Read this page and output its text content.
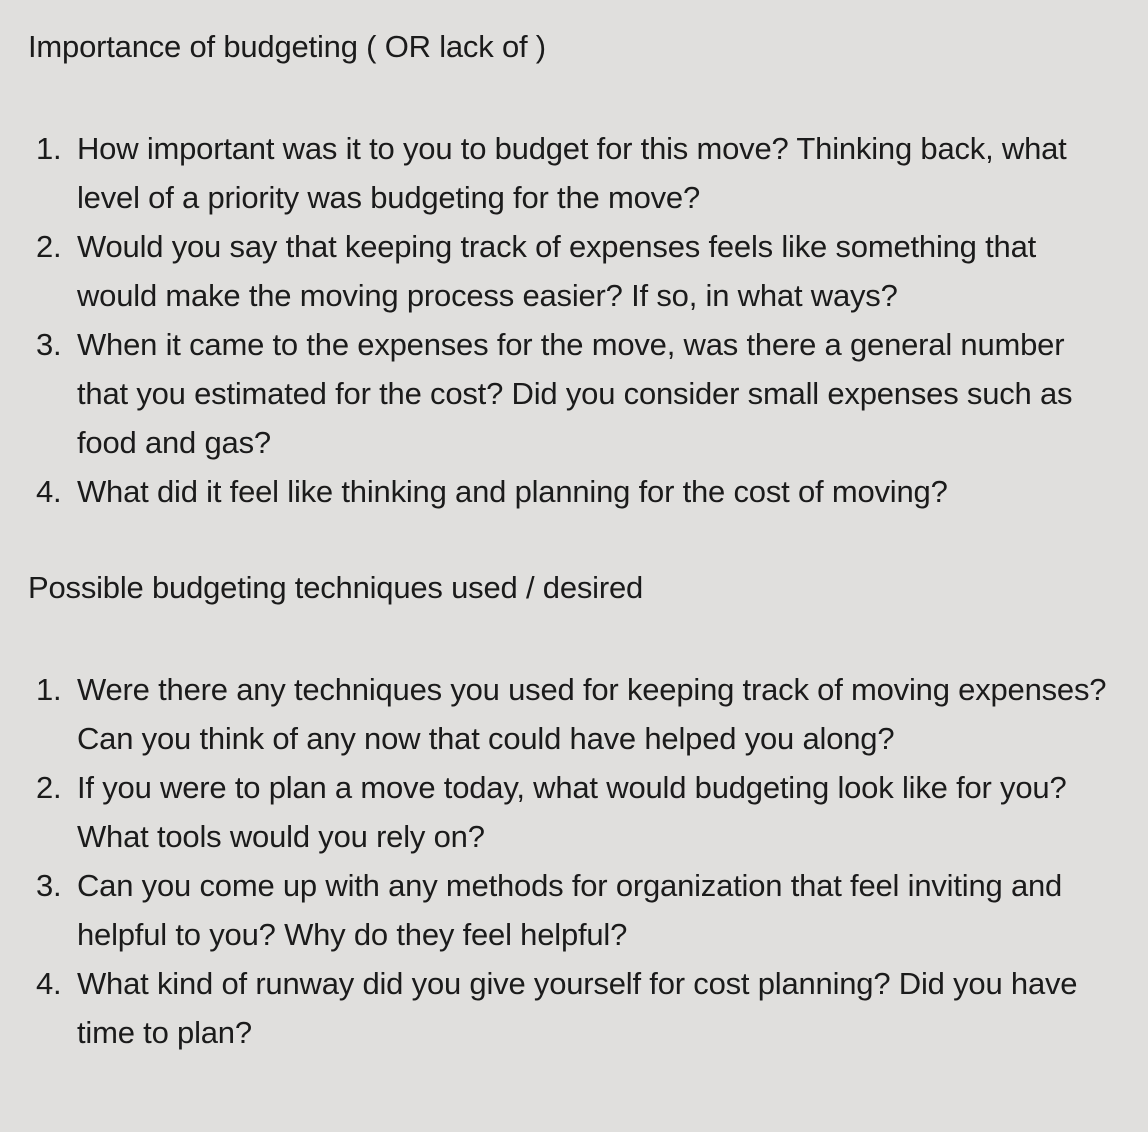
Importance of budgeting ( OR lack of )
1. How important was it to you to budget for this move? Thinking back, what level of a priority was budgeting for the move?
2. Would you say that keeping track of expenses feels like something that would make the moving process easier? If so, in what ways?
3. When it came to the expenses for the move, was there a general number that you estimated for the cost? Did you consider small expenses such as food and gas?
4. What did it feel like thinking and planning for the cost of moving?
Possible budgeting techniques used / desired
1. Were there any techniques you used for keeping track of moving expenses? Can you think of any now that could have helped you along?
2. If you were to plan a move today, what would budgeting look like for you? What tools would you rely on?
3. Can you come up with any methods for organization that feel inviting and helpful to you? Why do they feel helpful?
4. What kind of runway did you give yourself for cost planning? Did you have time to plan?
